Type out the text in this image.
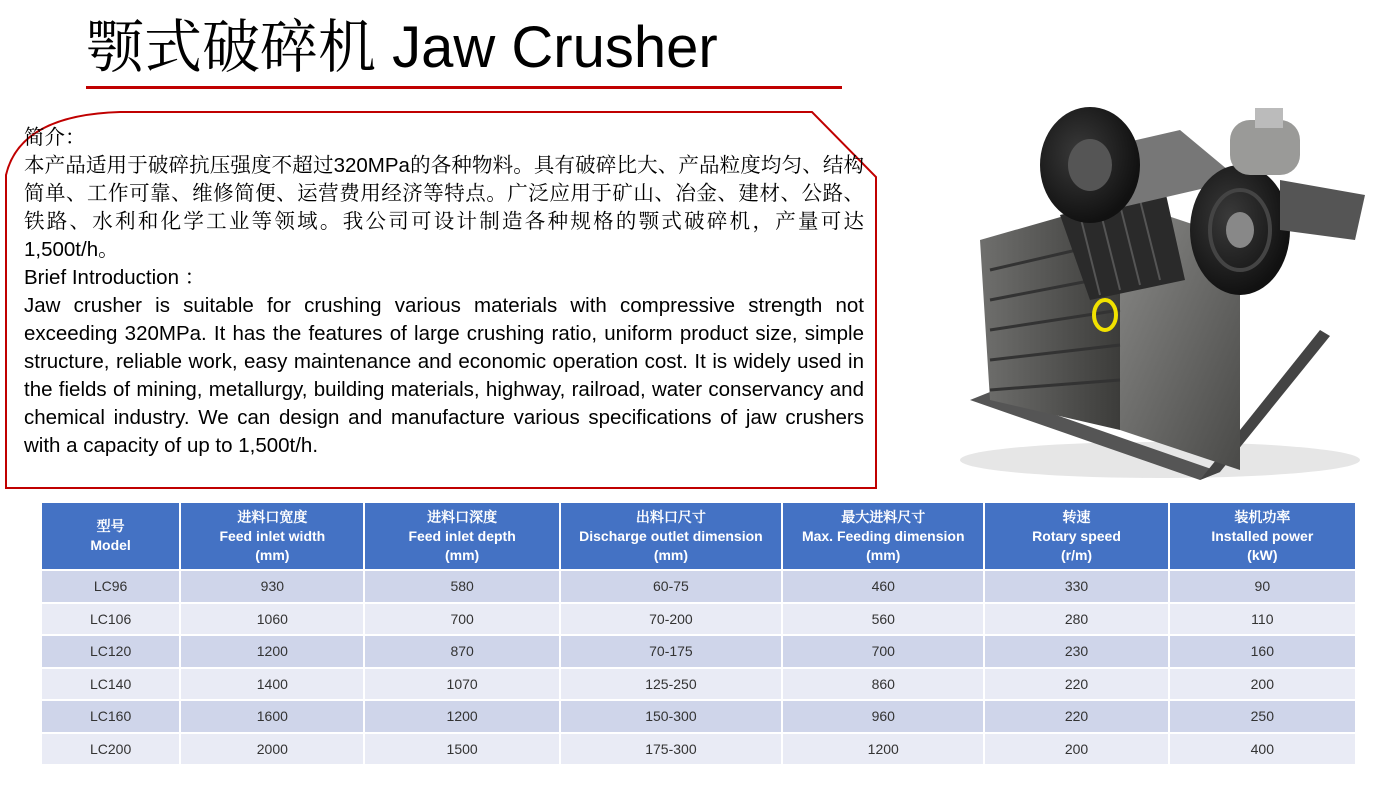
颚式破碎机 Jaw Crusher

简介：

本产品适用于破碎抗压强度不超过320MPa的各种物料。具有破碎比大、产品粒度均匀、结构简单、工作可靠、维修简便、运营费用经济等特点。广泛应用于矿山、冶金、建材、公路、铁路、水利和化学工业等领域。我公司可设计制造各种规格的颚式破碎机，产量可达1,500t/h。

Brief Introduction ：

Jaw crusher is suitable for crushing various materials with compressive strength not exceeding 320MPa. It has the features of large crushing ratio, uniform product size, simple structure, reliable work, easy maintenance and economic operation cost. It is widely used in the fields of mining, metallurgy, building materials, highway, railroad, water conservancy and chemical industry. We can design and manufacture various specifications of jaw crushers with a capacity of up to 1,500t/h.

型号
Model	进料口宽度
Feed inlet width
(mm)	进料口深度
Feed inlet depth
(mm)	出料口尺寸
Discharge outlet dimension
(mm)	最大进料尺寸
Max. Feeding dimension
(mm)	转速
Rotary speed
(r/m)	装机功率
Installed power
(kW)

LC96	930	580	60-75	460	330	90
LC106	1060	700	70-200	560	280	110
LC120	1200	870	70-175	700	230	160
LC140	1400	1070	125-250	860	220	200
LC160	1600	1200	150-300	960	220	250
LC200	2000	1500	175-300	1200	200	400
